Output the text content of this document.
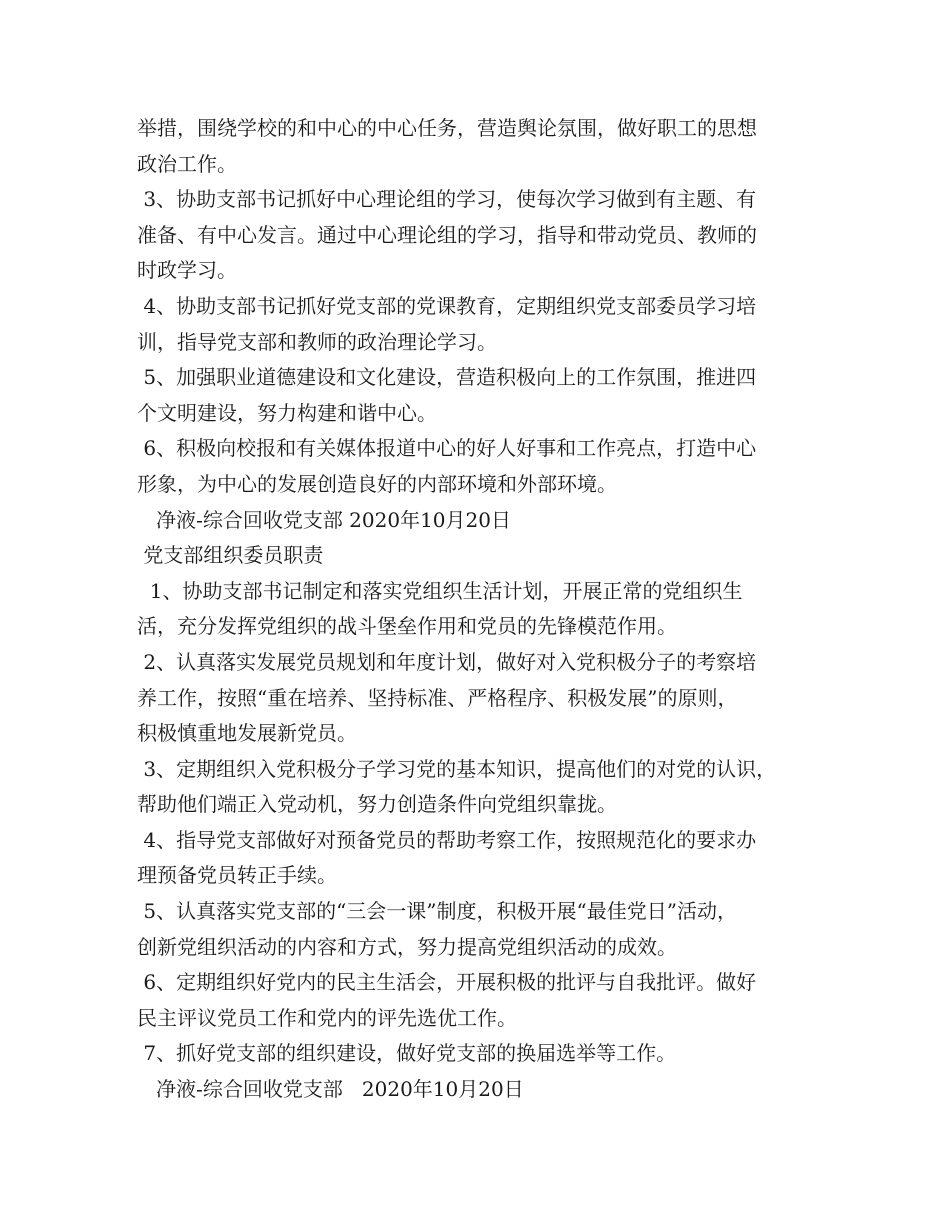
举措，围绕学校的和中心的中心任务，营造舆论氛围，做好职工的思想
政治工作。
3、协助支部书记抓好中心理论组的学习，使每次学习做到有主题、有
准备、有中心发言。通过中心理论组的学习，指导和带动党员、教师的
时政学习。
4、协助支部书记抓好党支部的党课教育，定期组织党支部委员学习培
训，指导党支部和教师的政治理论学习。
5、加强职业道德建设和文化建设，营造积极向上的工作氛围，推进四
个文明建设，努力构建和谐中心。
6、积极向校报和有关媒体报道中心的好人好事和工作亮点，打造中心
形象，为中心的发展创造良好的内部环境和外部环境。
净液-综合回收党支部 2020年10月20日
党支部组织委员职责
1、协助支部书记制定和落实党组织生活计划，开展正常的党组织生
活，充分发挥党组织的战斗堡垒作用和党员的先锋模范作用。
2、认真落实发展党员规划和年度计划，做好对入党积极分子的考察培
养工作，按照“重在培养、坚持标准、严格程序、积极发展”的原则，
积极慎重地发展新党员。
3、定期组织入党积极分子学习党的基本知识，提高他们的对党的认识，
帮助他们端正入党动机，努力创造条件向党组织靠拢。
4、指导党支部做好对预备党员的帮助考察工作，按照规范化的要求办
理预备党员转正手续。
5、认真落实党支部的“三会一课”制度，积极开展“最佳党日”活动，
创新党组织活动的内容和方式，努力提高党组织活动的成效。
6、定期组织好党内的民主生活会，开展积极的批评与自我批评。做好
民主评议党员工作和党内的评先选优工作。
7、抓好党支部的组织建设，做好党支部的换届选举等工作。
净液-综合回收党支部   2020年10月20日
